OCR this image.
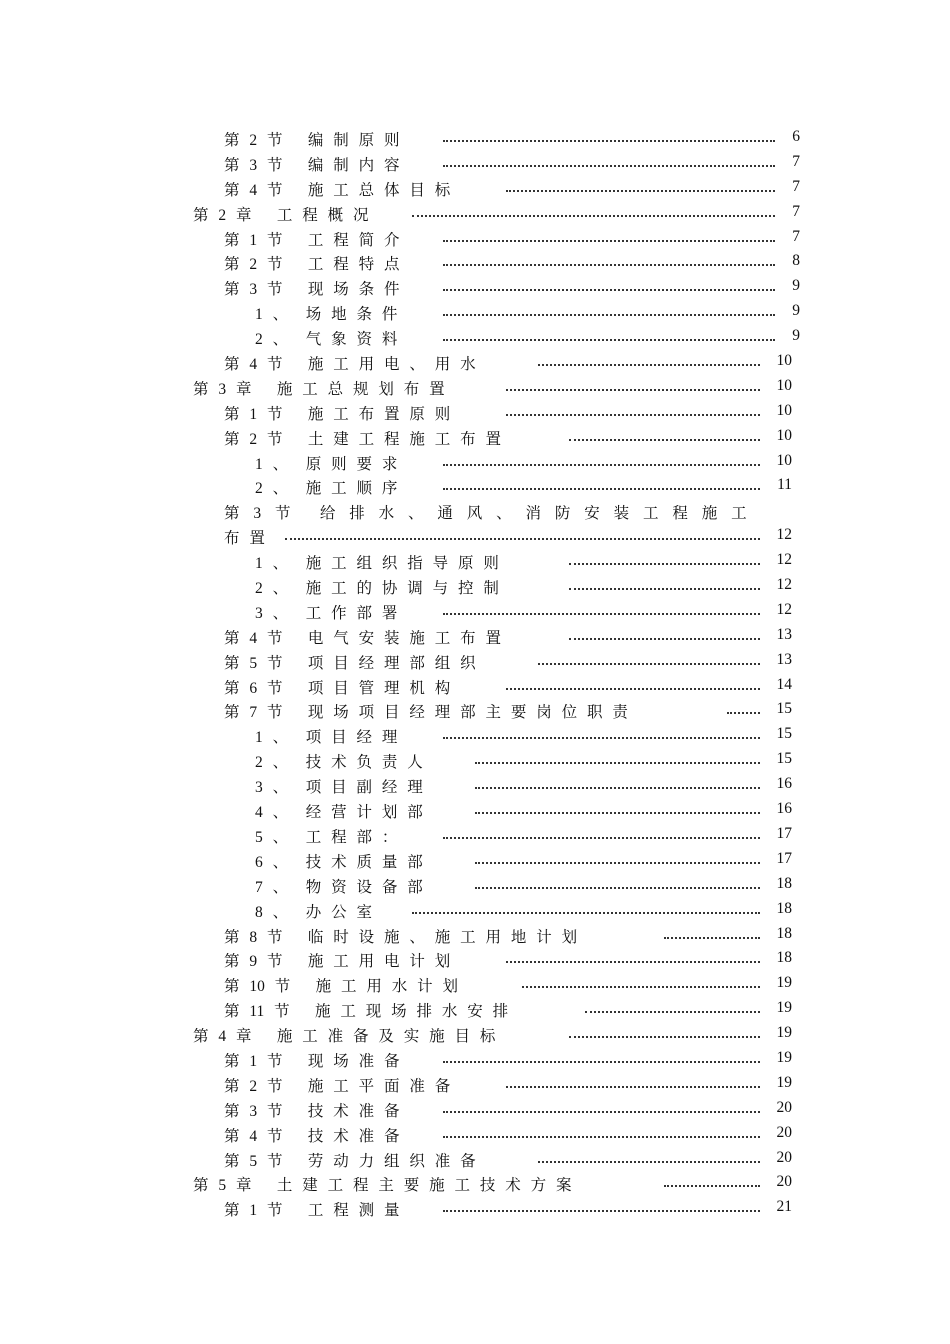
第 2 节　 编 制 原 则	6
第 3 节　 编 制 内 容	7
第 4 节　 施 工 总 体 目 标	7
第 2 章　 工 程 概 况	7
第 1 节　 工 程 简 介	7
第 2 节　 工 程 特 点	8
第 3 节　 现 场 条 件	9
1 、　 场 地 条 件	9
2 、　 气 象 资 料	9
第 4 节　 施 工 用 电 、 用 水	10
第 3 章　 施 工 总 规 划 布 置	10
第 1 节　 施 工 布 置 原 则	10
第 2 节　 土 建 工 程 施 工 布 置	10
1 、　 原 则 要 求	10
2 、　 施 工 顺 序	11
第 3 节　 给 排 水 、 通 风 、 消 防 安 装 工 程 施 工
布 置	12
1 、　 施 工 组 织 指 导 原 则	12
2 、　 施 工 的 协 调 与 控 制	12
3 、　 工 作 部 署	12
第 4 节　 电 气 安 装 施 工 布 置	13
第 5 节　 项 目 经 理 部 组 织	13
第 6 节　 项 目 管 理 机 构	14
第 7 节　 现 场 项 目 经 理 部 主 要 岗 位 职 责	15
1 、　 项 目 经 理	15
2 、　 技 术 负 责 人	15
3 、　 项 目 副 经 理	16
4 、　 经 营 计 划 部	16
5 、　 工 程 部 ：	17
6 、　 技 术 质 量 部	17
7 、　 物 资 设 备 部	18
8 、　 办 公 室	18
第 8 节　 临 时 设 施 、 施 工 用 地 计 划	18
第 9 节　 施 工 用 电 计 划	18
第 10 节　 施 工 用 水 计 划	19
第 11 节　 施 工 现 场 排 水 安 排	19
第 4 章　 施 工 准 备 及 实 施 目 标	19
第 1 节　 现 场 准 备	19
第 2 节　 施 工 平 面 准 备	19
第 3 节　 技 术 准 备	20
第 4 节　 技 术 准 备	20
第 5 节　 劳 动 力 组 织 准 备	20
第 5 章　 土 建 工 程 主 要 施 工 技 术 方 案	20
第 1 节　 工 程 测 量	21
